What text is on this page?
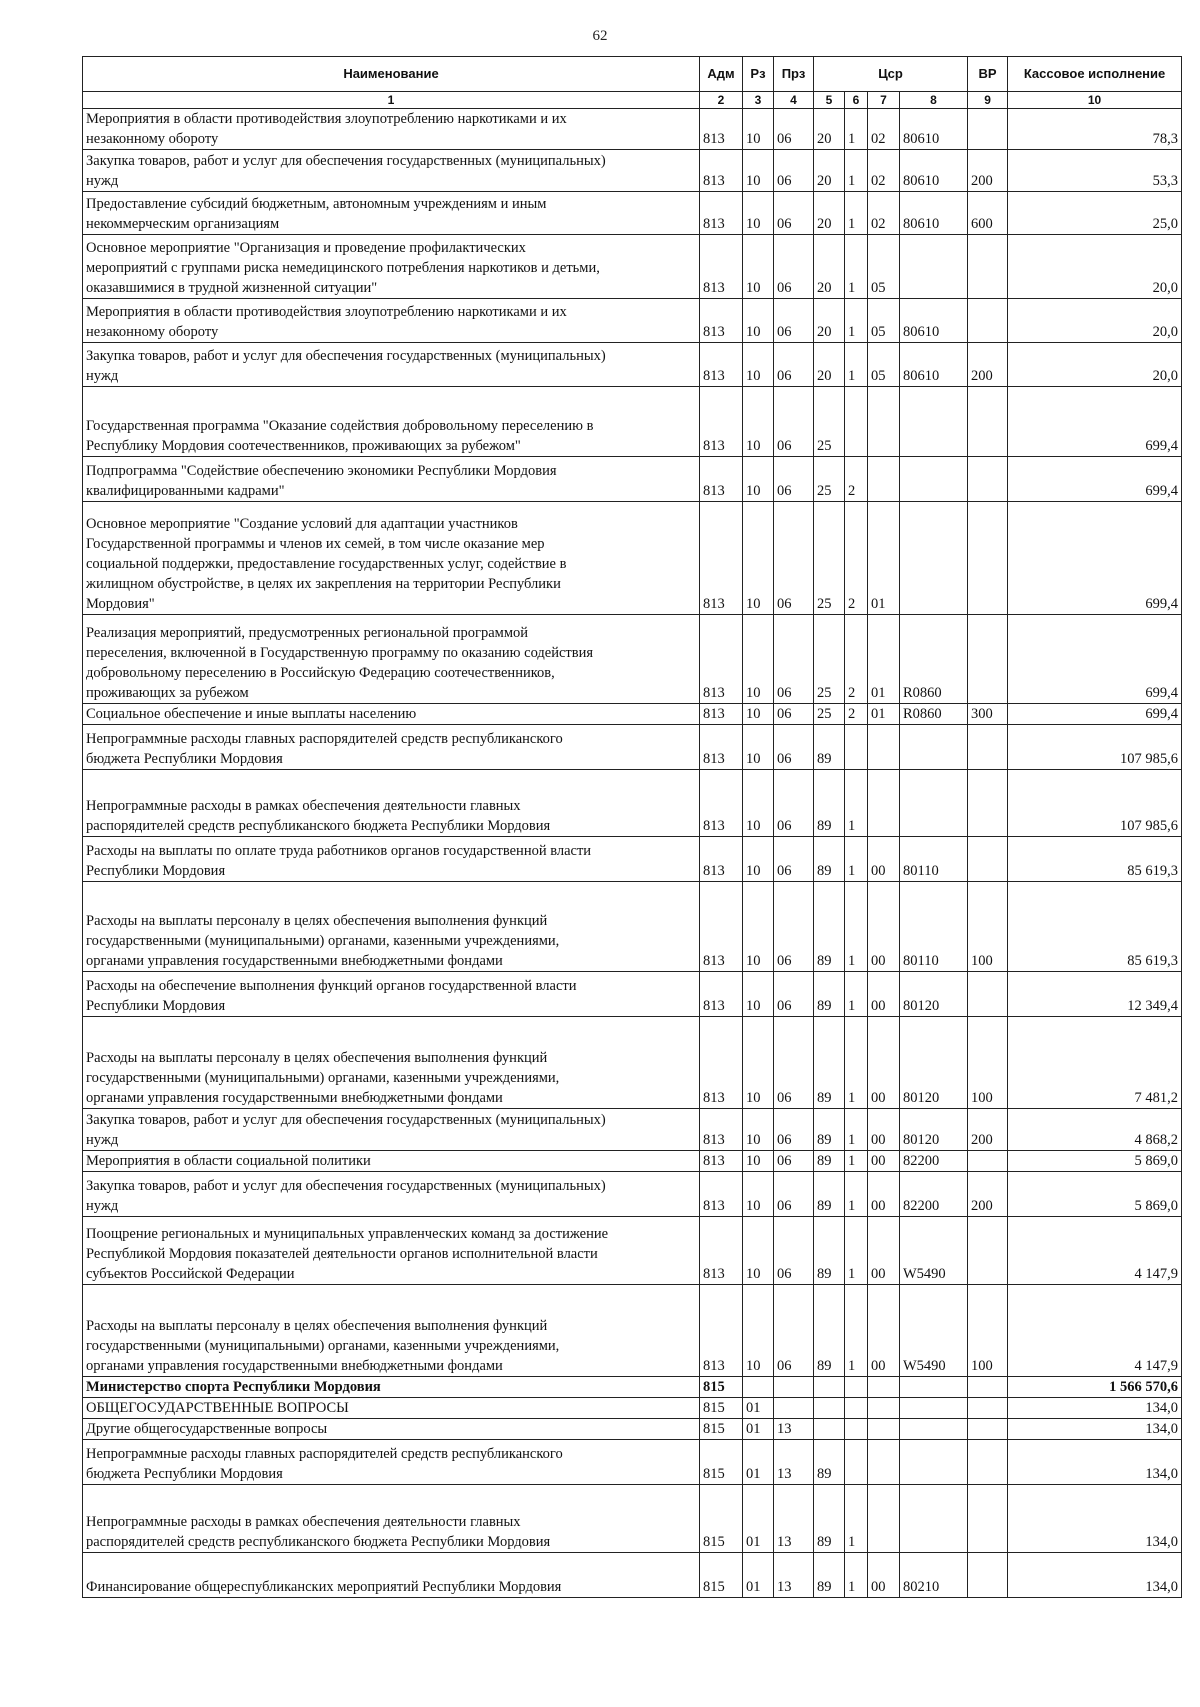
62
Наименование	Адм	Рз	Прз	Цср				ВР	Кассовое исполнение
1	2	3	4	5	6	7	8	9	10
Мероприятия в области противодействия злоупотреблению наркотиками и их
незаконному обороту	813	10	06	20	1	02	80610		78,3
Закупка товаров, работ и услуг для обеспечения государственных (муниципальных)
нужд	813	10	06	20	1	02	80610	200	53,3
Предоставление субсидий бюджетным, автономным учреждениям и иным
некоммерческим организациям	813	10	06	20	1	02	80610	600	25,0
Основное мероприятие "Организация и проведение профилактических
мероприятий с группами риска немедицинского потребления наркотиков и детьми,
оказавшимися в трудной жизненной ситуации"	813	10	06	20	1	05			20,0
Мероприятия в области противодействия злоупотреблению наркотиками и их
незаконному обороту	813	10	06	20	1	05	80610		20,0
Закупка товаров, работ и услуг для обеспечения государственных (муниципальных)
нужд	813	10	06	20	1	05	80610	200	20,0
Государственная программа "Оказание содействия добровольному переселению в
Республику Мордовия соотечественников, проживающих за рубежом"	813	10	06	25					699,4
Подпрограмма "Содействие обеспечению экономики Республики Мордовия
квалифицированными кадрами"	813	10	06	25	2				699,4
Основное мероприятие "Создание условий для адаптации участников
Государственной программы и членов их семей, в том числе оказание мер
социальной поддержки, предоставление государственных услуг, содействие в
жилищном обустройстве, в целях их закрепления на территории Республики
Мордовия"	813	10	06	25	2	01			699,4
Реализация мероприятий, предусмотренных региональной программой
переселения, включенной в Государственную программу по оказанию содействия
добровольному переселению в Российскую Федерацию соотечественников,
проживающих за рубежом	813	10	06	25	2	01	R0860		699,4
Социальное обеспечение и иные выплаты населению	813	10	06	25	2	01	R0860	300	699,4
Непрограммные расходы главных распорядителей средств республиканского
бюджета Республики Мордовия	813	10	06	89					107 985,6
Непрограммные расходы в рамках обеспечения деятельности главных
распорядителей средств республиканского бюджета Республики Мордовия	813	10	06	89	1				107 985,6
Расходы на выплаты по оплате труда работников органов государственной власти
Республики Мордовия	813	10	06	89	1	00	80110		85 619,3
Расходы на выплаты персоналу в целях обеспечения выполнения функций
государственными (муниципальными) органами, казенными учреждениями,
органами управления государственными внебюджетными фондами	813	10	06	89	1	00	80110	100	85 619,3
Расходы на обеспечение выполнения функций органов государственной власти
Республики Мордовия	813	10	06	89	1	00	80120		12 349,4
Расходы на выплаты персоналу в целях обеспечения выполнения функций
государственными (муниципальными) органами, казенными учреждениями,
органами управления государственными внебюджетными фондами	813	10	06	89	1	00	80120	100	7 481,2
Закупка товаров, работ и услуг для обеспечения государственных (муниципальных)
нужд	813	10	06	89	1	00	80120	200	4 868,2
Мероприятия в области социальной политики	813	10	06	89	1	00	82200		5 869,0
Закупка товаров, работ и услуг для обеспечения государственных (муниципальных)
нужд	813	10	06	89	1	00	82200	200	5 869,0
Поощрение региональных и муниципальных управленческих команд за достижение
Республикой Мордовия показателей деятельности органов исполнительной власти
субъектов Российской Федерации	813	10	06	89	1	00	W5490		4 147,9
Расходы на выплаты персоналу в целях обеспечения выполнения функций
государственными (муниципальными) органами, казенными учреждениями,
органами управления государственными внебюджетными фондами	813	10	06	89	1	00	W5490	100	4 147,9
Министерство спорта Республики Мордовия	815								1 566 570,6
ОБЩЕГОСУДАРСТВЕННЫЕ ВОПРОСЫ	815	01							134,0
Другие общегосударственные вопросы	815	01	13						134,0
Непрограммные расходы главных распорядителей средств республиканского
бюджета Республики Мордовия	815	01	13	89					134,0
Непрограммные расходы в рамках обеспечения деятельности главных
распорядителей средств республиканского бюджета Республики Мордовия	815	01	13	89	1				134,0
Финансирование общереспубликанских мероприятий Республики Мордовия	815	01	13	89	1	00	80210		134,0
